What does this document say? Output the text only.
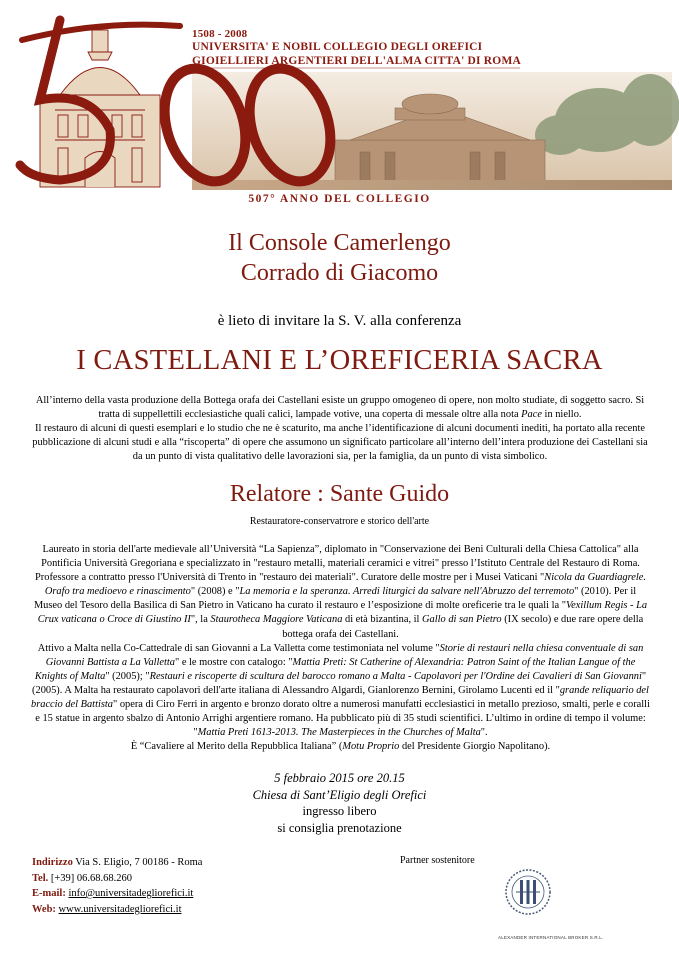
1508 - 2008
UNIVERSITA' E NOBIL COLLEGIO DEGLI OREFICI
GIOIELLIERI ARGENTIERI DELL'ALMA CITTA' DI ROMA
507° ANNO DEL COLLEGIO
Il Console Camerlengo
Corrado di Giacomo
è lieto di invitare la S. V. alla conferenza
I CASTELLANI E L’OREFICERIA SACRA

All’interno della vasta produzione della Bottega orafa dei Castellani esiste un gruppo omogeneo di opere, non molto studiate, di soggetto sacro. Si tratta di suppellettili ecclesiastiche quali calici, lampade votive, una coperta di messale oltre alla nota Pace in niello.

Il restauro di alcuni di questi esemplari e lo studio che ne è scaturito, ma anche l’identificazione di alcuni documenti inediti, ha portato alla recente pubblicazione di alcuni studi e alla “riscoperta” di opere che assumono un significato particolare all’interno dell’intera produzione dei Castellani sia da un punto di vista qualitativo delle lavorazioni sia, per la famiglia, da un punto di vista simbolico.

Relatore : Sante Guido
Restauratore-conservatrore e storico dell'arte

Laureato in storia dell'arte medievale all’Università “La Sapienza”, diplomato in "Conservazione dei Beni Culturali della Chiesa Cattolica" alla Pontificia Università Gregoriana e specializzato in "restauro metalli, materiali ceramici e vitrei" presso l’Istituto Centrale del Restauro di Roma. Professore a contratto presso l'Università di Trento in "restauro dei materiali". Curatore delle mostre per i Musei Vaticani "Nicola da Guardiagrele. Orafo tra medioevo e rinascimento" (2008) e "La memoria e la speranza. Arredi liturgici da salvare nell'Abruzzo del terremoto" (2010). Per il Museo del Tesoro della Basilica di San Pietro in Vaticano ha curato il restauro e l’esposizione di molte oreficerie tra le quali la "Vexillum Regis - La Crux vaticana o Croce di Giustino II", la Staurotheca Maggiore Vaticana di età bizantina, il Gallo di san Pietro (IX secolo) e due rare opere della bottega orafa dei Castellani.

Attivo a Malta nella Co-Cattedrale di san Giovanni a La Valletta come testimoniata nel volume "Storie di restauri nella chiesa conventuale di san Giovanni Battista a La Valletta" e le mostre con catalogo: "Mattia Preti: St Catherine of Alexandria: Patron Saint of the Italian Langue of the Knights of Malta" (2005); "Restauri e riscoperte di scultura del barocco romano a Malta - Capolavori per l'Ordine dei Cavalieri di San Giovanni" (2005). A Malta ha restaurato capolavori dell'arte italiana di Alessandro Algardi, Gianlorenzo Bernini, Girolamo Lucenti ed il "grande reliquario del braccio del Battista" opera di Ciro Ferri in argento e bronzo dorato oltre a numerosi manufatti ecclesiastici in metallo prezioso, smalti, perle e coralli e 15 statue in argento sbalzo di Antonio Arrighi argentiere romano. Ha pubblicato più di 35 studi scientifici. L’ultimo in ordine di tempo il volume: "Mattia Preti 1613-2013. The Masterpieces in the Churches of Malta".

È “Cavaliere al Merito della Repubblica Italiana” (Motu Proprio del Presidente Giorgio Napolitano).

5 febbraio 2015 ore 20.15
Chiesa di Sant’Eligio degli Orefici
ingresso libero
si consiglia prenotazione
Indirizzo Via S. Eligio, 7 00186 - Roma
Tel. [+39] 06.68.68.260
E-mail: info@universitadegliorefici.it
Web: www.universitadegliorefici.it
Partner sostenitore
ALEXANDER INTERNATIONAL BROKER S.R.L.
